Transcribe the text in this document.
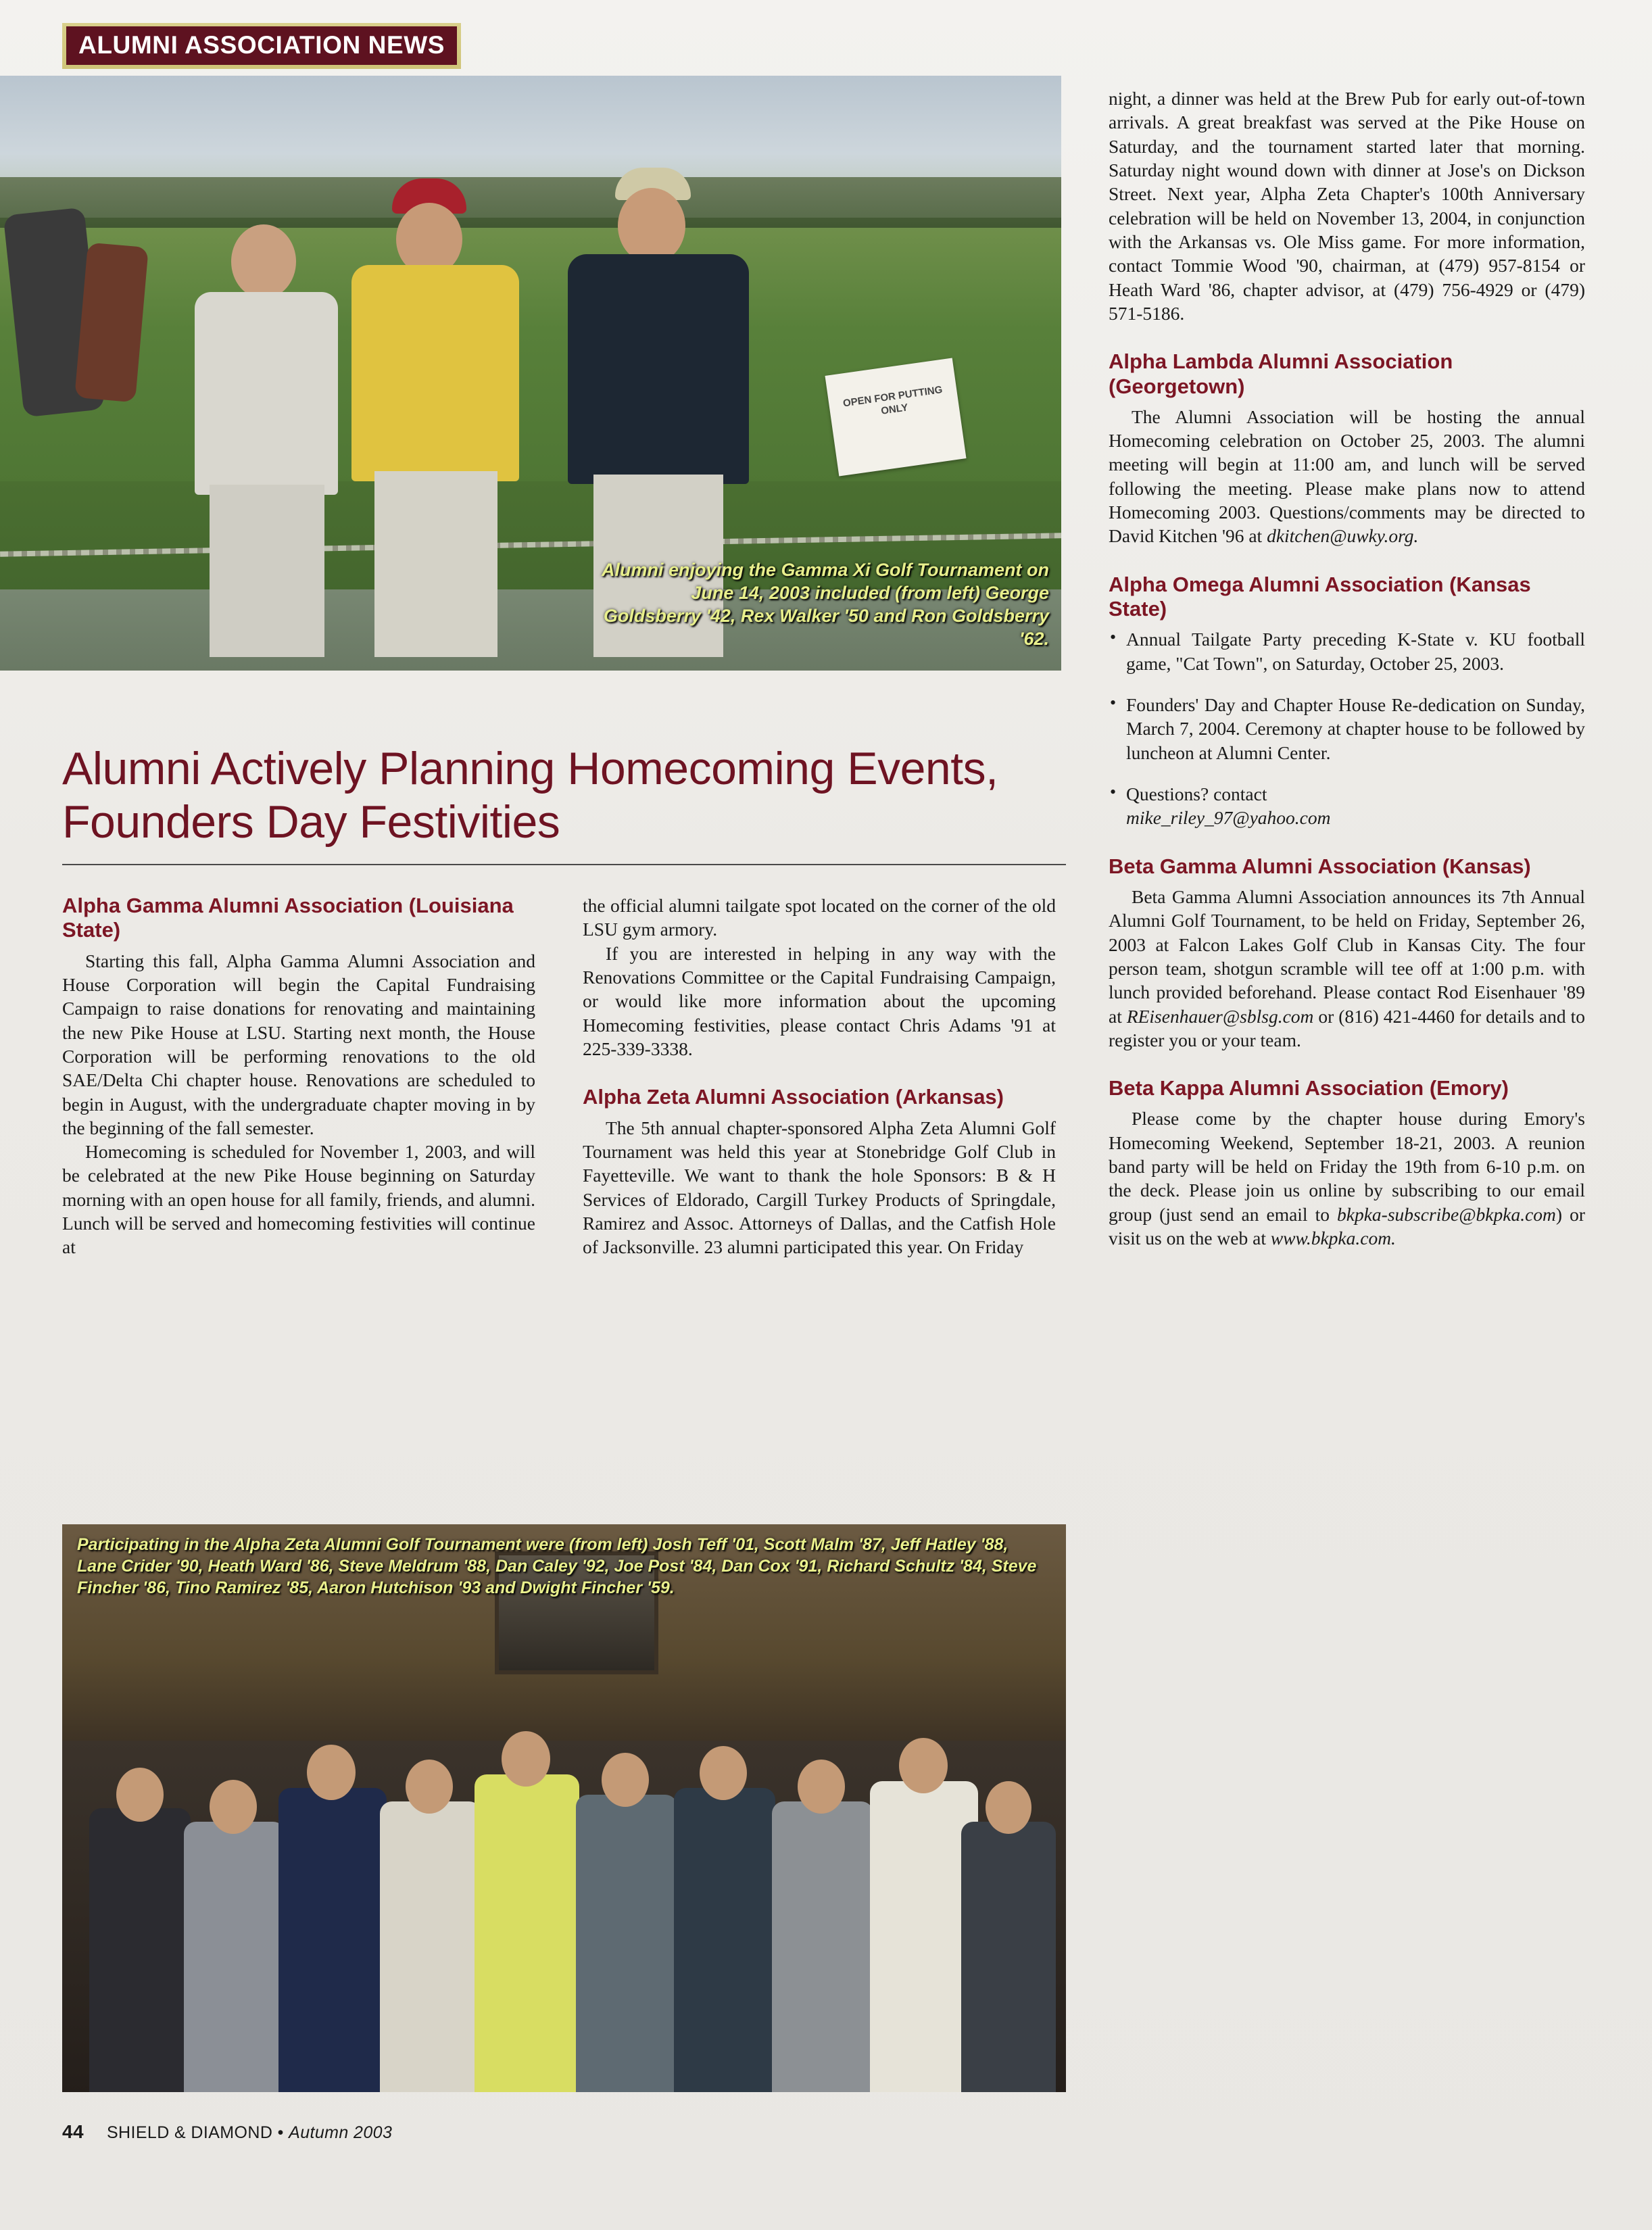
ALUMNI ASSOCIATION NEWS
OPEN FOR PUTTING ONLY
Alumni enjoying the Gamma Xi Golf Tournament on June 14, 2003 included (from left) George Goldsberry '42, Rex Walker '50 and Ron Goldsberry '62.
Alumni Actively Planning Homecoming Events, Founders Day Festivities
Alpha Gamma Alumni Association (Louisiana State)

Starting this fall, Alpha Gamma Alumni Association and House Corporation will begin the Capital Fundraising Campaign to raise donations for renovating and maintaining the new Pike House at LSU. Starting next month, the House Corporation will be performing renovations to the old SAE/Delta Chi chapter house. Renovations are scheduled to begin in August, with the undergraduate chapter moving in by the beginning of the fall semester.

Homecoming is scheduled for November 1, 2003, and will be celebrated at the new Pike House beginning on Saturday morning with an open house for all family, friends, and alumni. Lunch will be served and homecoming festivities will continue at

the official alumni tailgate spot located on the corner of the old LSU gym armory.

If you are interested in helping in any way with the Renovations Committee or the Capital Fundraising Campaign, or would like more information about the upcoming Homecoming festivities, please contact Chris Adams '91 at 225-339-3338.

Alpha Zeta Alumni Association (Arkansas)

The 5th annual chapter-sponsored Alpha Zeta Alumni Golf Tournament was held this year at Stonebridge Golf Club in Fayetteville. We want to thank the hole Sponsors: B & H Services of Eldorado, Cargill Turkey Products of Springdale, Ramirez and Assoc. Attorneys of Dallas, and the Catfish Hole of Jacksonville. 23 alumni participated this year. On Friday

night, a dinner was held at the Brew Pub for early out-of-town arrivals. A great breakfast was served at the Pike House on Saturday, and the tournament started later that morning. Saturday night wound down with dinner at Jose's on Dickson Street. Next year, Alpha Zeta Chapter's 100th Anniversary celebration will be held on November 13, 2004, in conjunction with the Arkansas vs. Ole Miss game. For more information, contact Tommie Wood '90, chairman, at (479) 957-8154 or Heath Ward '86, chapter advisor, at (479) 756-4929 or (479) 571-5186.

Alpha Lambda Alumni Association (Georgetown)

The Alumni Association will be hosting the annual Homecoming celebration on October 25, 2003. The alumni meeting will begin at 11:00 am, and lunch will be served following the meeting. Please make plans now to attend Homecoming 2003. Questions/comments may be directed to David Kitchen '96 at dkitchen@uwky.org.

Alpha Omega Alumni Association (Kansas State)
• Annual Tailgate Party preceding K-State v. KU football game, "Cat Town", on Saturday, October 25, 2003.
• Founders' Day and Chapter House Re-dedication on Sunday, March 7, 2004. Ceremony at chapter house to be followed by luncheon at Alumni Center.
• Questions? contact
mike_riley_97@yahoo.com
Beta Gamma Alumni Association (Kansas)

Beta Gamma Alumni Association announces its 7th Annual Alumni Golf Tournament, to be held on Friday, September 26, 2003 at Falcon Lakes Golf Club in Kansas City. The four person team, shotgun scramble will tee off at 1:00 p.m. with lunch provided beforehand. Please contact Rod Eisenhauer '89 at REisenhauer@sblsg.com or (816) 421-4460 for details and to register you or your team.

Beta Kappa Alumni Association (Emory)

Please come by the chapter house during Emory's Homecoming Weekend, September 18-21, 2003. A reunion band party will be held on Friday the 19th from 6-10 p.m. on the deck. Please join us online by subscribing to our email group (just send an email to bkpka-subscribe@bkpka.com) or visit us on the web at www.bkpka.com.

Participating in the Alpha Zeta Alumni Golf Tournament were (from left) Josh Teff '01, Scott Malm '87, Jeff Hatley '88, Lane Crider '90, Heath Ward '86, Steve Meldrum '88, Dan Caley '92, Joe Post '84, Dan Cox '91, Richard Schultz '84, Steve Fincher '86, Tino Ramirez '85, Aaron Hutchison '93 and Dwight Fincher '59.
44 SHIELD & DIAMOND • Autumn 2003
